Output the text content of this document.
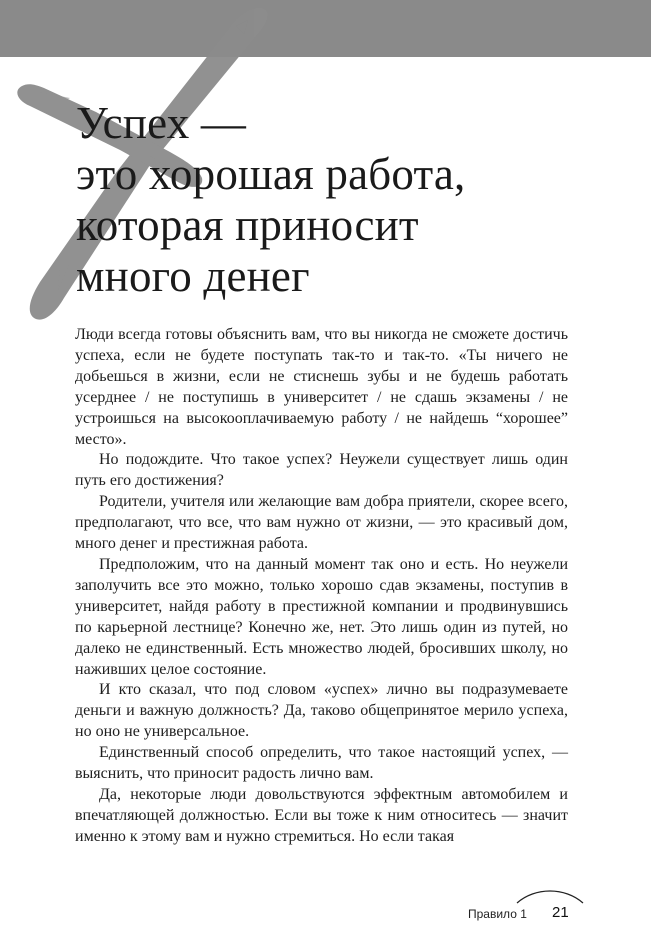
Успех —
это хорошая работа,
которая приносит
много денег

Люди всегда готовы объяснить вам, что вы никогда не сможете достичь успеха, если не будете поступать так-то и так-то. «Ты ничего не добьешься в жизни, если не стиснешь зубы и не будешь работать усерднее / не поступишь в университет / не сдашь экзамены / не устроишься на высокооплачиваемую работу / не найдешь “хорошее” место».

Но подождите. Что такое успех? Неужели существует лишь один путь его достижения?

Родители, учителя или желающие вам добра приятели, скорее всего, предполагают, что все, что вам нужно от жизни, — это красивый дом, много денег и престижная работа.

Предположим, что на данный момент так оно и есть. Но неужели заполучить все это можно, только хорошо сдав экзамены, поступив в университет, найдя работу в престижной компании и продвинувшись по карьерной лестнице? Конечно же, нет. Это лишь один из путей, но далеко не единственный. Есть множество людей, бросивших школу, но наживших целое состояние.

И кто сказал, что под словом «успех» лично вы подразумеваете деньги и важную должность? Да, таково общепринятое мерило успеха, но оно не универсальное.

Единственный способ определить, что такое настоящий успех, — выяснить, что приносит радость лично вам.

Да, некоторые люди довольствуются эффектным автомобилем и впечатляющей должностью. Если вы тоже к ним относитесь — значит именно к этому вам и нужно стремиться. Но если такая

Правило 1 21
